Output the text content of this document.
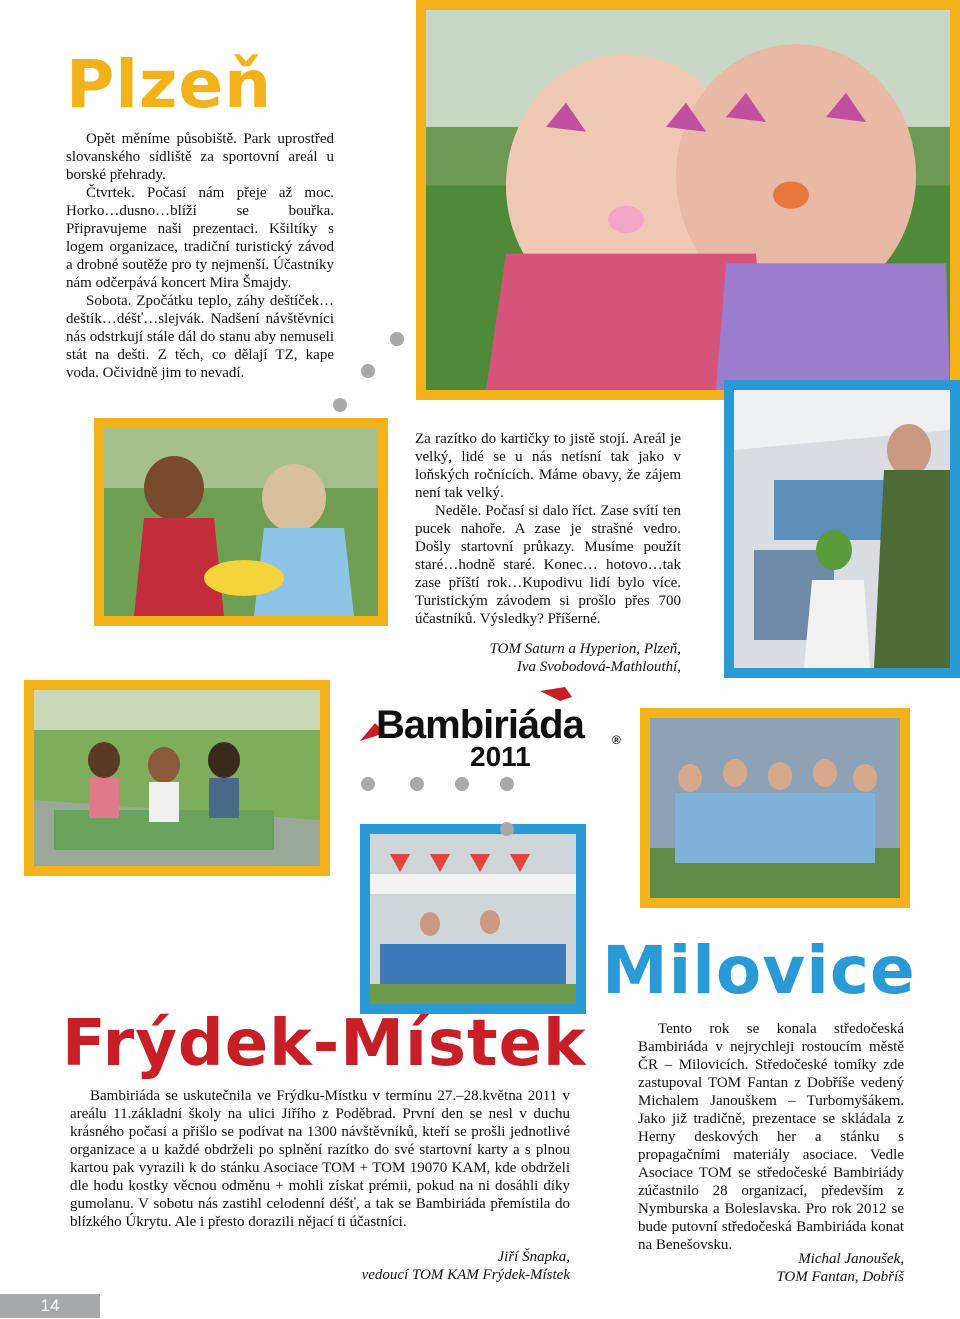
Plzeň
Milovice
Frýdek-Místek

Opět měníme působiště. Park uprostřed slovanského sídliště za sportovní areál u borské přehrady.

Čtvrtek. Počasí nám přeje až moc. Horko…dusno…blíží se bouřka. Připravujeme naši prezentaci. Kšiltíky s logem organizace, tradiční turistický závod a drobné soutěže pro ty nejmenší. Účastníky nám odčerpává koncert Mira Šmajdy.

Sobota. Zpočátku teplo, záhy deštíček…deštík…déšť…slejvák. Nadšení návštěvníci nás odstrkují stále dál do stanu aby nemuseli stát na dešti. Z těch, co dělají TZ, kape voda. Očividně jim to nevadí.

Za razítko do kartičky to jistě stojí. Areál je velký, lidé se u nás netísní tak jako v loňských ročnících. Máme obavy, že zájem není tak velký.

Neděle. Počasí si dalo říct. Zase svítí ten pucek nahoře. A zase je strašné vedro. Došly startovní průkazy. Musíme použít staré…hodně staré. Konec… hotovo…tak zase příští rok…Kupodivu lidí bylo více. Turistickým závodem si prošlo přes 700 účastníků. Výsledky? Příšerné.

TOM Saturn a Hyperion, Plzeň,

Iva Svobodová-Mathlouthí,

Bambiriáda
2011
®

Tento rok se konala středočeská Bambiriáda v nejrychleji rostoucím městě ČR – Milovicích. Středočeské tomíky zde zastupoval TOM Fantan z Dobříše vedený Michalem Janouškem – Turbomyšákem. Jako již tradičně, prezentace se skládala z Herny deskových her a stánku s propagačními materiály asociace. Vedle Asociace TOM se středočeské Bambiriády zúčastnilo 28 organizací, především z Nymburska a Boleslavska. Pro rok 2012 se bude putovní středočeská Bambiriáda konat na Benešovsku.

Michal Janoušek,

TOM Fantan, Dobříš

Bambiriáda se uskutečnila ve Frýdku-Místku v termínu 27.–28.května 2011 v areálu 11.základní školy na ulici Jiřího z Poděbrad. První den se nesl v duchu krásného počasí a přišlo se podívat na 1300 návštěvníků, kteří se prošli jednotlivé organizace a u každé obdrželi po splnění razítko do své startovní karty a s plnou kartou pak vyrazili k do stánku Asociace TOM + TOM 19070 KAM, kde obdrželi dle hodu kostky věcnou odměnu + mohli získat prémii, pokud na ni dosáhli díky gumolanu. V sobotu nás zastihl celodenní déšť, a tak se Bambiriáda přemístila do blízkého Úkrytu. Ale i přesto dorazili nějací ti účastníci.

Jiří Šnapka,

vedoucí TOM KAM Frýdek-Místek

14
